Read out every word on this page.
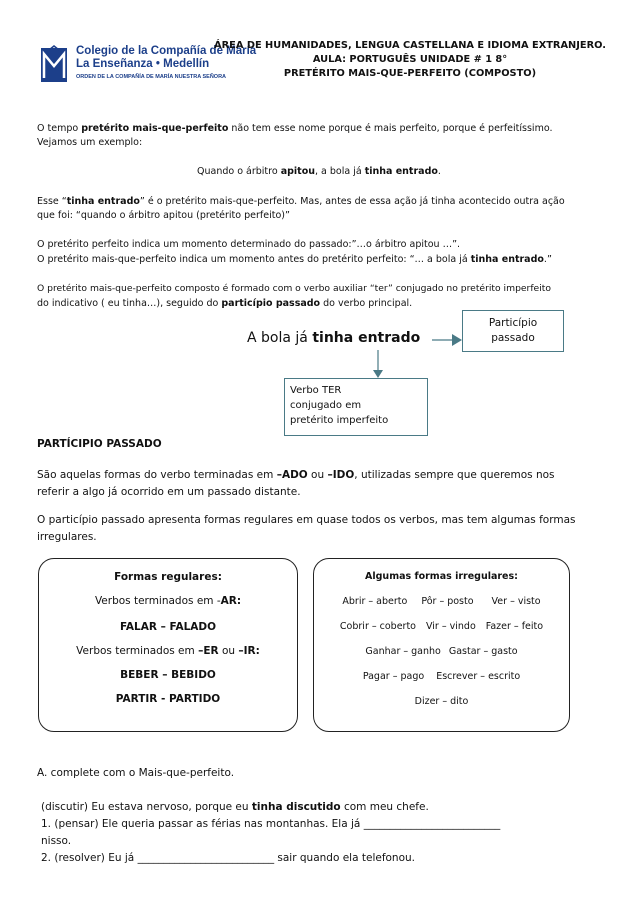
Colegio de la Compañía de María
La Enseñanza • Medellín
ORDEN DE LA COMPAÑÍA DE MARÍA NUESTRA SEÑORA
ÁREA DE HUMANIDADES, LENGUA CASTELLANA E IDIOMA EXTRANJERO.
AULA: PORTUGUÊS UNIDADE # 1 8°
PRETÉRITO MAIS-QUE-PERFEITO (COMPOSTO)
O tempo pretérito mais-que-perfeito não tem esse nome porque é mais perfeito, porque é perfeitíssimo.
Vejamos um exemplo:
Quando o árbitro apitou, a bola já tinha entrado.
Esse “tinha entrado” é o pretérito mais-que-perfeito. Mas, antes de essa ação já tinha acontecido outra ação
que foi: “quando o árbitro apitou (pretérito perfeito)”
O pretérito perfeito indica um momento determinado do passado:”…o árbitro apitou …”.
O pretérito mais-que-perfeito indica um momento antes do pretérito perfeito: “… a bola já tinha entrado.”
O pretérito mais-que-perfeito composto é formado com o verbo auxiliar “ter” conjugado no pretérito imperfeito
do indicativo ( eu tinha…), seguido do particípio passado do verbo principal.
A bola já tinha entrado
Particípio
passado
Verbo TER
conjugado em
pretérito imperfeito
PARTÍCIPIO PASSADO
São aquelas formas do verbo terminadas em –ADO ou –IDO, utilizadas sempre que queremos nos
referir a algo já ocorrido em um passado distante.
O particípio passado apresenta formas regulares em quase todos os verbos, mas tem algumas formas
irregulares.
Formas regulares:
Verbos terminados em -AR:
FALAR – FALADO
Verbos terminados em –ER ou –IR:
BEBER – BEBIDO
PARTIR - PARTIDO
Algumas formas irregulares:
Abrir – aberto Pôr – posto Ver – visto
Cobrir – coberto Vir – vindo Fazer – feito
Ganhar – ganho Gastar – gasto
Pagar – pago Escrever – escrito
Dizer – dito
A. complete com o Mais-que-perfeito.
(discutir) Eu estava nervoso, porque eu tinha discutido com meu chefe.
1. (pensar) Ele queria passar as férias nas montanhas. Ela já __________________________
nisso.
2. (resolver) Eu já __________________________ sair quando ela telefonou.
